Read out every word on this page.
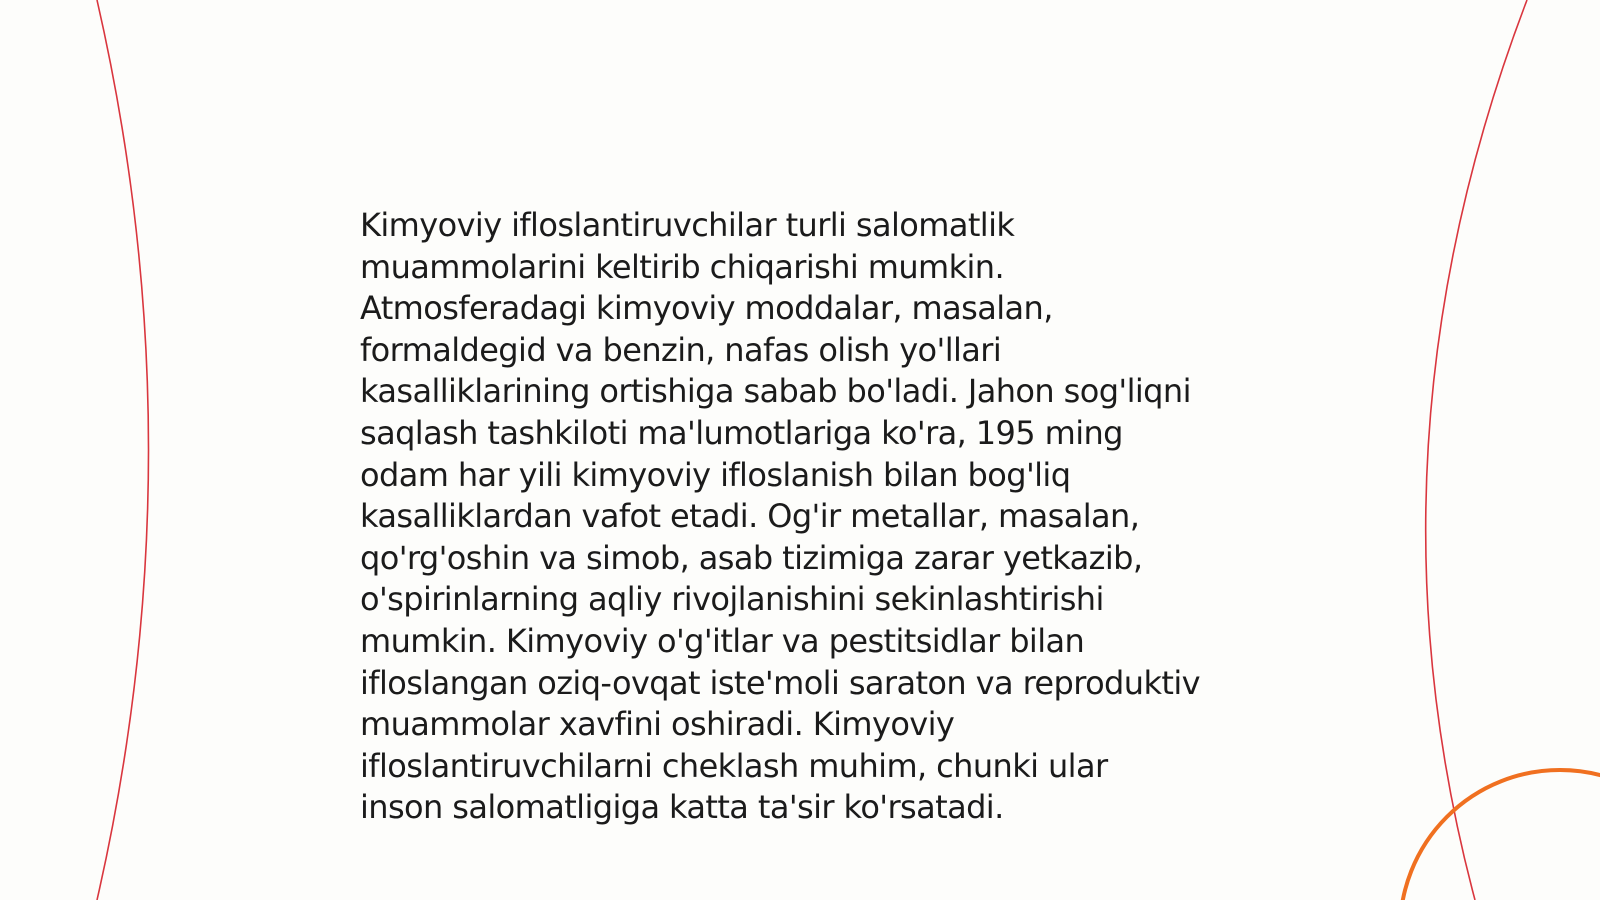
Kimyoviy ifloslantiruvchilar turli salomatlik
muammolarini keltirib chiqarishi mumkin.
Atmosferadagi kimyoviy moddalar, masalan,
formaldegid va benzin, nafas olish yo'llari
kasalliklarining ortishiga sabab bo'ladi. Jahon sog'liqni
saqlash tashkiloti ma'lumotlariga ko'ra, 195 ming
odam har yili kimyoviy ifloslanish bilan bog'liq
kasalliklardan vafot etadi. Og'ir metallar, masalan,
qo'rg'oshin va simob, asab tizimiga zarar yetkazib,
o'spirinlarning aqliy rivojlanishini sekinlashtirishi
mumkin. Kimyoviy o'g'itlar va pestitsidlar bilan
ifloslangan oziq-ovqat iste'moli saraton va reproduktiv
muammolar xavfini oshiradi. Kimyoviy
ifloslantiruvchilarni cheklash muhim, chunki ular
inson salomatligiga katta ta'sir ko'rsatadi.
